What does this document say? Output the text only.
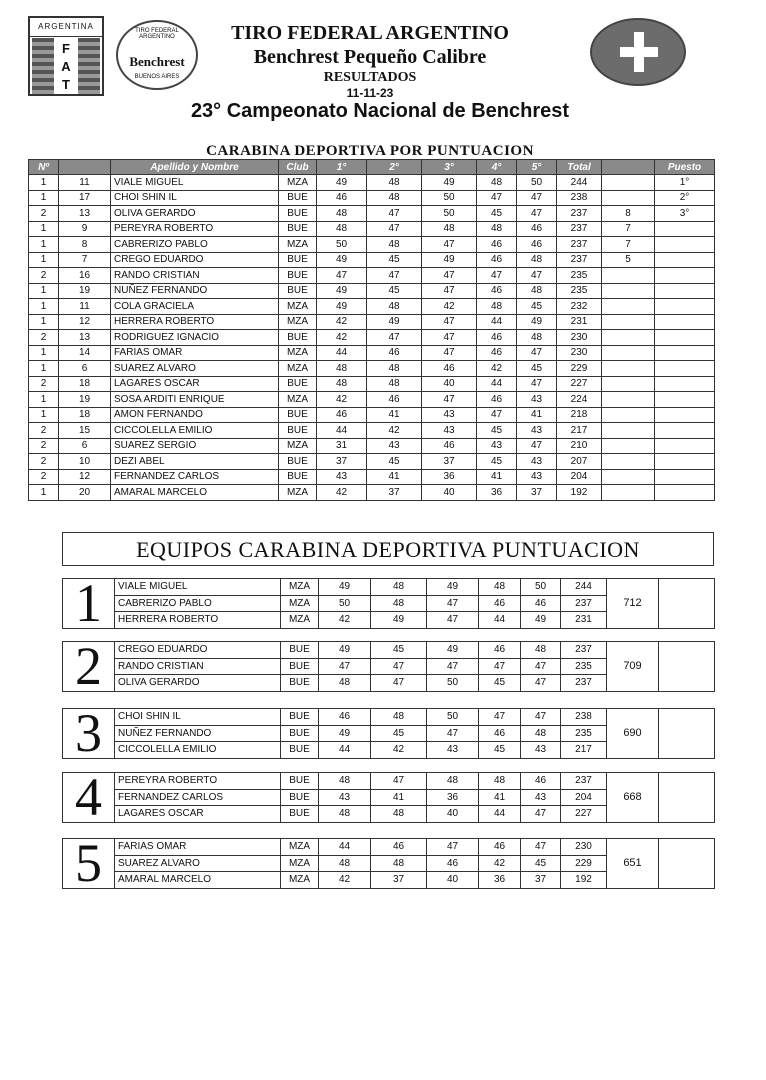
ARGENTINA
F A T
TIRO FEDERAL ARGENTINO
Benchrest
BUENOS AIRES
TIRO FEDERAL ARGENTINO
Benchrest Pequeño Calibre
RESULTADOS
11-11-23
23° Campeonato Nacional de Benchrest
CARABINA DEPORTIVA POR PUNTUACION
Nº		Apellido y Nombre	Club	1°	2°	3°	4°	5°	Total		Puesto
1	11	VIALE MIGUEL	MZA	49	48	49	48	50	244		1°
1	17	CHOI SHIN IL	BUE	46	48	50	47	47	238		2°
2	13	OLIVA GERARDO	BUE	48	47	50	45	47	237	8	3°
1	9	PEREYRA ROBERTO	BUE	48	47	48	48	46	237	7	
1	8	CABRERIZO PABLO	MZA	50	48	47	46	46	237	7	
1	7	CREGO EDUARDO	BUE	49	45	49	46	48	237	5	
2	16	RANDO CRISTIAN	BUE	47	47	47	47	47	235		
1	19	NUÑEZ FERNANDO	BUE	49	45	47	46	48	235		
1	11	COLA GRACIELA	MZA	49	48	42	48	45	232		
1	12	HERRERA ROBERTO	MZA	42	49	47	44	49	231		
2	13	RODRIGUEZ IGNACIO	BUE	42	47	47	46	48	230		
1	14	FARIAS OMAR	MZA	44	46	47	46	47	230		
1	6	SUAREZ ALVARO	MZA	48	48	46	42	45	229		
2	18	LAGARES OSCAR	BUE	48	48	40	44	47	227		
1	19	SOSA ARDITI ENRIQUE	MZA	42	46	47	46	43	224		
1	18	AMON FERNANDO	BUE	46	41	43	47	41	218		
2	15	CICCOLELLA EMILIO	BUE	44	42	43	45	43	217		
2	6	SUAREZ SERGIO	MZA	31	43	46	43	47	210		
2	10	DEZI ABEL	BUE	37	45	37	45	43	207		
2	12	FERNANDEZ CARLOS	BUE	43	41	36	41	43	204		
1	20	AMARAL MARCELO	MZA	42	37	40	36	37	192		
EQUIPOS CARABINA DEPORTIVA PUNTUACION
1	VIALE MIGUEL	MZA	49	48	49	48	50	244	712	
	CABRERIZO PABLO	MZA	50	48	47	46	46	237		
	HERRERA ROBERTO	MZA	42	49	47	44	49	231		
2	CREGO EDUARDO	BUE	49	45	49	46	48	237	709	
	RANDO CRISTIAN	BUE	47	47	47	47	47	235		
	OLIVA GERARDO	BUE	48	47	50	45	47	237		
3	CHOI SHIN IL	BUE	46	48	50	47	47	238	690	
	NUÑEZ FERNANDO	BUE	49	45	47	46	48	235		
	CICCOLELLA EMILIO	BUE	44	42	43	45	43	217		
4	PEREYRA ROBERTO	BUE	48	47	48	48	46	237	668	
	FERNANDEZ CARLOS	BUE	43	41	36	41	43	204		
	LAGARES OSCAR	BUE	48	48	40	44	47	227		
5	FARIAS OMAR	MZA	44	46	47	46	47	230	651	
	SUAREZ ALVARO	MZA	48	48	46	42	45	229		
	AMARAL MARCELO	MZA	42	37	40	36	37	192		
